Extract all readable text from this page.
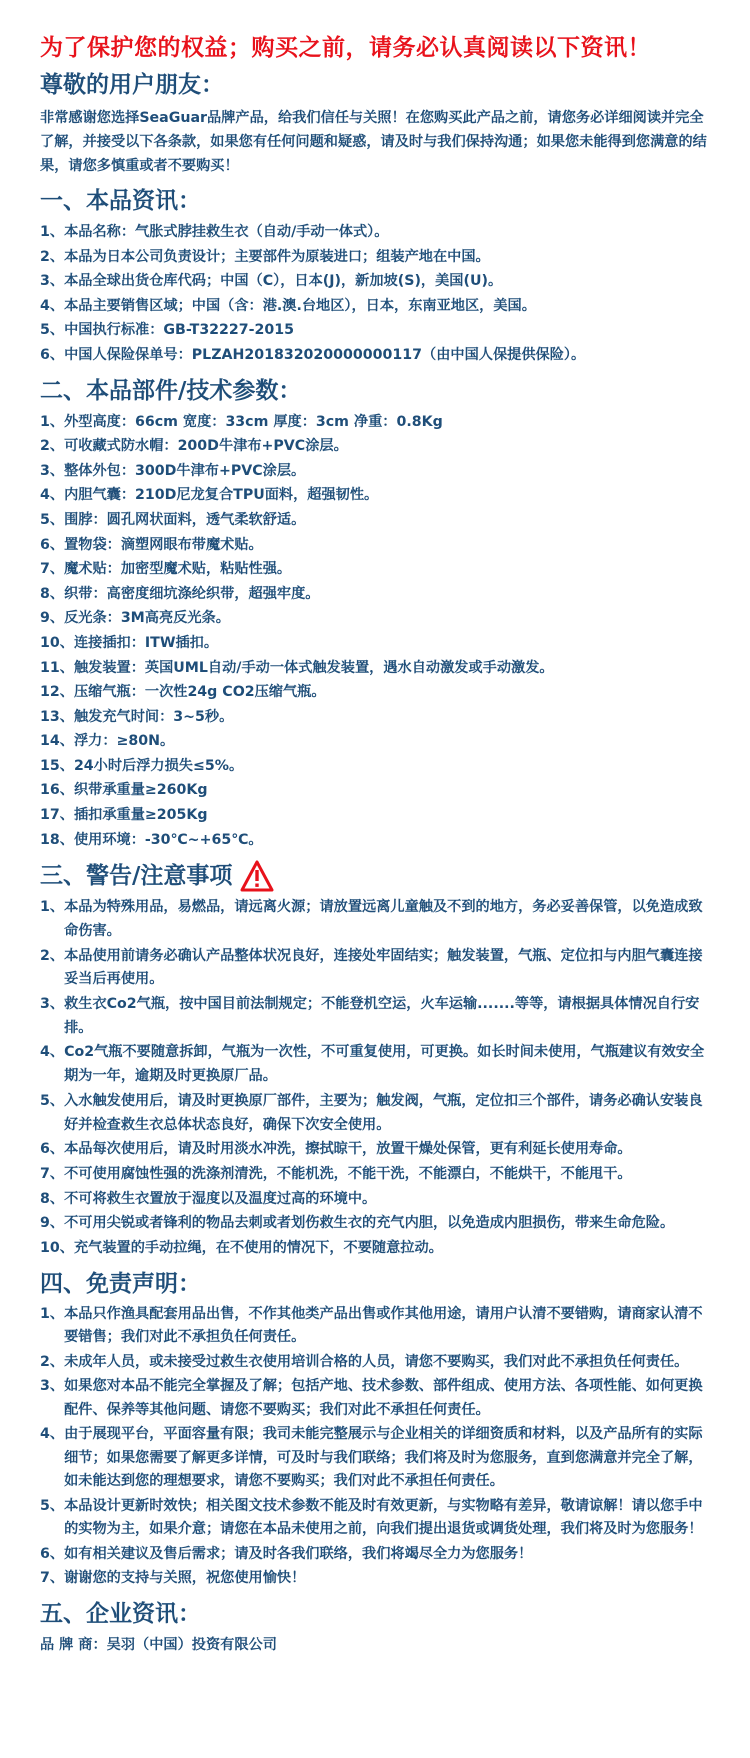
为了保护您的权益；购买之前，请务必认真阅读以下资讯！
尊敬的用户朋友：

非常感谢您选择SeaGuar品牌产品，给我们信任与关照！在您购买此产品之前，请您务必详细阅读并完全了解，并接受以下各条款，如果您有任何问题和疑惑，请及时与我们保持沟通；如果您未能得到您满意的结果，请您多慎重或者不要购买！

一、本品资讯：
1、 本品名称：气胀式脖挂救生衣（自动/手动一体式）。
2、 本品为日本公司负责设计；主要部件为原装进口；组装产地在中国。
3、 本品全球出货仓库代码；中国（C），日本(J)，新加坡(S)，美国(U)。
4、 本品主要销售区域；中国（含：港.澳.台地区），日本，东南亚地区，美国。
5、 中国执行标准：GB-T32227-2015
6、 中国人保险保单号：PLZAH201832020000000117（由中国人保提供保险）。
二、本品部件/技术参数：
1、 外型高度：66cm 宽度：33cm 厚度：3cm 净重：0.8Kg
2、 可收藏式防水帽：200D牛津布+PVC涂层。
3、 整体外包：300D牛津布+PVC涂层。
4、 内胆气囊：210D尼龙复合TPU面料，超强韧性。
5、 围脖：圆孔网状面料，透气柔软舒适。
6、 置物袋：滴塑网眼布带魔术贴。
7、 魔术贴：加密型魔术贴，粘贴性强。
8、 织带：高密度细坑涤纶织带，超强牢度。
9、 反光条：3M高亮反光条。
10、 连接插扣：ITW插扣。
11、 触发装置：英国UML自动/手动一体式触发装置，遇水自动激发或手动激发。
12、 压缩气瓶：一次性24g CO2压缩气瓶。
13、 触发充气时间：3~5秒。
14、 浮力：≥80N。
15、 24小时后浮力损失≤5%。
16、 织带承重量≥260Kg
17、 插扣承重量≥205Kg
18、 使用环境：-30℃~+65℃。
三、警告/注意事项
1、 本品为特殊用品，易燃品，请远离火源；请放置远离儿童触及不到的地方，务必妥善保管，以免造成致命伤害。
2、 本品使用前请务必确认产品整体状况良好，连接处牢固结实；触发装置，气瓶、定位扣与内胆气囊连接妥当后再使用。
3、 救生衣Co2气瓶，按中国目前法制规定；不能登机空运，火车运输.......等等，请根据具体情况自行安排。
4、 Co2气瓶不要随意拆卸，气瓶为一次性，不可重复使用，可更换。如长时间未使用，气瓶建议有效安全期为一年，逾期及时更换原厂品。
5、 入水触发使用后，请及时更换原厂部件，主要为；触发阀，气瓶，定位扣三个部件，请务必确认安装良好并检查救生衣总体状态良好，确保下次安全使用。
6、 本品每次使用后，请及时用淡水冲洗，擦拭晾干，放置干燥处保管，更有利延长使用寿命。
7、 不可使用腐蚀性强的洗涤剂清洗，不能机洗，不能干洗，不能漂白，不能烘干，不能甩干。
8、 不可将救生衣置放于湿度以及温度过高的环境中。
9、 不可用尖锐或者锋利的物品去刺或者划伤救生衣的充气内胆，以免造成内胆损伤，带来生命危险。
10、 充气装置的手动拉绳，在不使用的情况下，不要随意拉动。
四、免责声明：
1、 本品只作渔具配套用品出售，不作其他类产品出售或作其他用途，请用户认清不要错购，请商家认清不要错售；我们对此不承担负任何责任。
2、 未成年人员，或未接受过救生衣使用培训合格的人员，请您不要购买，我们对此不承担负任何责任。
3、 如果您对本品不能完全掌握及了解；包括产地、技术参数、部件组成、使用方法、各项性能、如何更换配件、保养等其他问题、请您不要购买；我们对此不承担任何责任。
4、 由于展现平台，平面容量有限；我司未能完整展示与企业相关的详细资质和材料，以及产品所有的实际细节；如果您需要了解更多详情，可及时与我们联络；我们将及时为您服务，直到您满意并完全了解，如未能达到您的理想要求，请您不要购买；我们对此不承担任何责任。
5、 本品设计更新时效快；相关图文技术参数不能及时有效更新，与实物略有差异，敬请谅解！请以您手中的实物为主，如果介意；请您在本品未使用之前，向我们提出退货或调货处理，我们将及时为您服务！
6、 如有相关建议及售后需求；请及时各我们联络，我们将竭尽全力为您服务！
7、 谢谢您的支持与关照，祝您使用愉快！
五、企业资讯：
品 牌 商：吴羽（中国）投资有限公司
